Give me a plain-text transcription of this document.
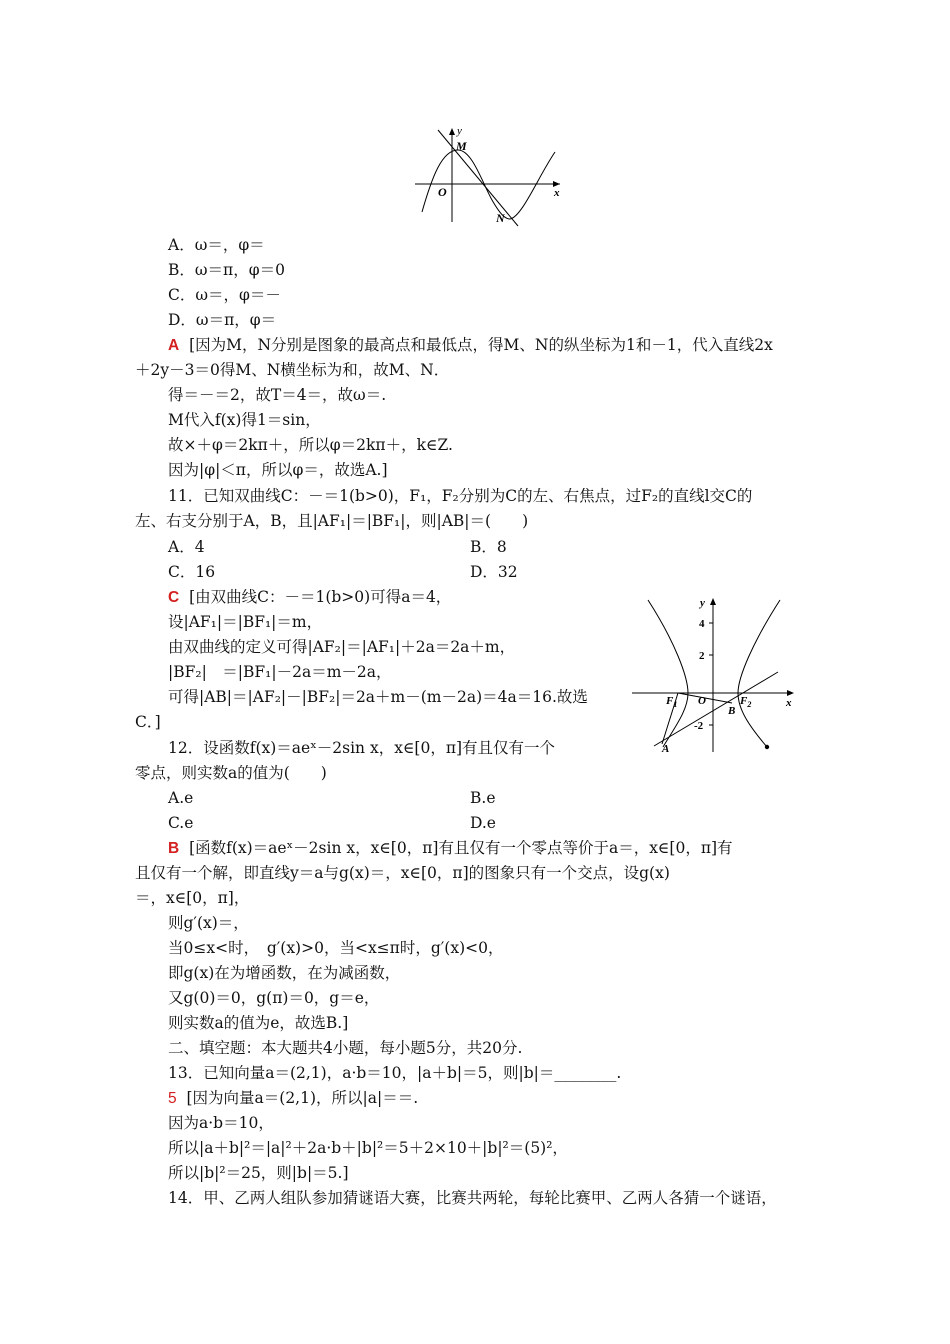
y
x
M
N
O
A．ω＝，φ＝
B．ω＝π，φ＝0
C．ω＝，φ＝－
D．ω＝π，φ＝
A [因为M，N分别是图象的最高点和最低点，得M、N的纵坐标为1和－1，代入直线2x
＋2y－3＝0得M、N横坐标为和，故M、N．
得＝－＝2，故T＝4＝，故ω＝.
M代入f(x)得1＝sin，
故×＋φ＝2kπ＋，所以φ＝2kπ＋，k∈Z.
因为|φ|＜π，所以φ＝，故选A.]
11．已知双曲线C：－＝1(b>0)，F₁，F₂分别为C的左、右焦点，过F₂的直线l交C的
左、右支分别于A，B，且|AF₁|＝|BF₁|，则|AB|＝(　　)
A．4	B．8
C．16	D．32
C [由双曲线C：－＝1(b>0)可得a＝4，
设|AF₁|＝|BF₁|＝m，
由双曲线的定义可得|AF₂|＝|AF₁|＋2a＝2a＋m，
|BF₂|　＝|BF₁|－2a＝m－2a，
可得|AB|＝|AF₂|－|BF₂|＝2a＋m－(m－2a)＝4a＝16.故选
C．]
y
x
4
2
-2
O
$F_1$	$F_2$
A
B
12．设函数f(x)＝aeˣ－2sin x，x∈[0，π]有且仅有一个
零点，则实数a的值为(　　)
A.e	B.e
C.e	D.e
B [函数f(x)＝aeˣ－2sin x，x∈[0，π]有且仅有一个零点等价于a＝，x∈[0，π]有
且仅有一个解，即直线y＝a与g(x)＝，x∈[0，π]的图象只有一个交点，设g(x)
＝，x∈[0，π]，
则g′(x)＝，
当0≤x<时，　g′(x)>0，当<x≤π时，g′(x)<0，
即g(x)在为增函数，在为减函数，
又g(0)＝0，g(π)＝0，g＝e，
则实数a的值为e，故选B.]
二、填空题：本大题共4小题，每小题5分，共20分.
13．已知向量a＝(2,1)，a·b＝10，|a＋b|＝5，则|b|＝________.
5 [因为向量a＝(2,1)，所以|a|＝＝.
因为a·b＝10，
所以|a＋b|²＝|a|²＋2a·b＋|b|²＝5＋2×10＋|b|²＝(5)²，
所以|b|²＝25，则|b|＝5.]
14．甲、乙两人组队参加猜谜语大赛，比赛共两轮，每轮比赛甲、乙两人各猜一个谜语，
